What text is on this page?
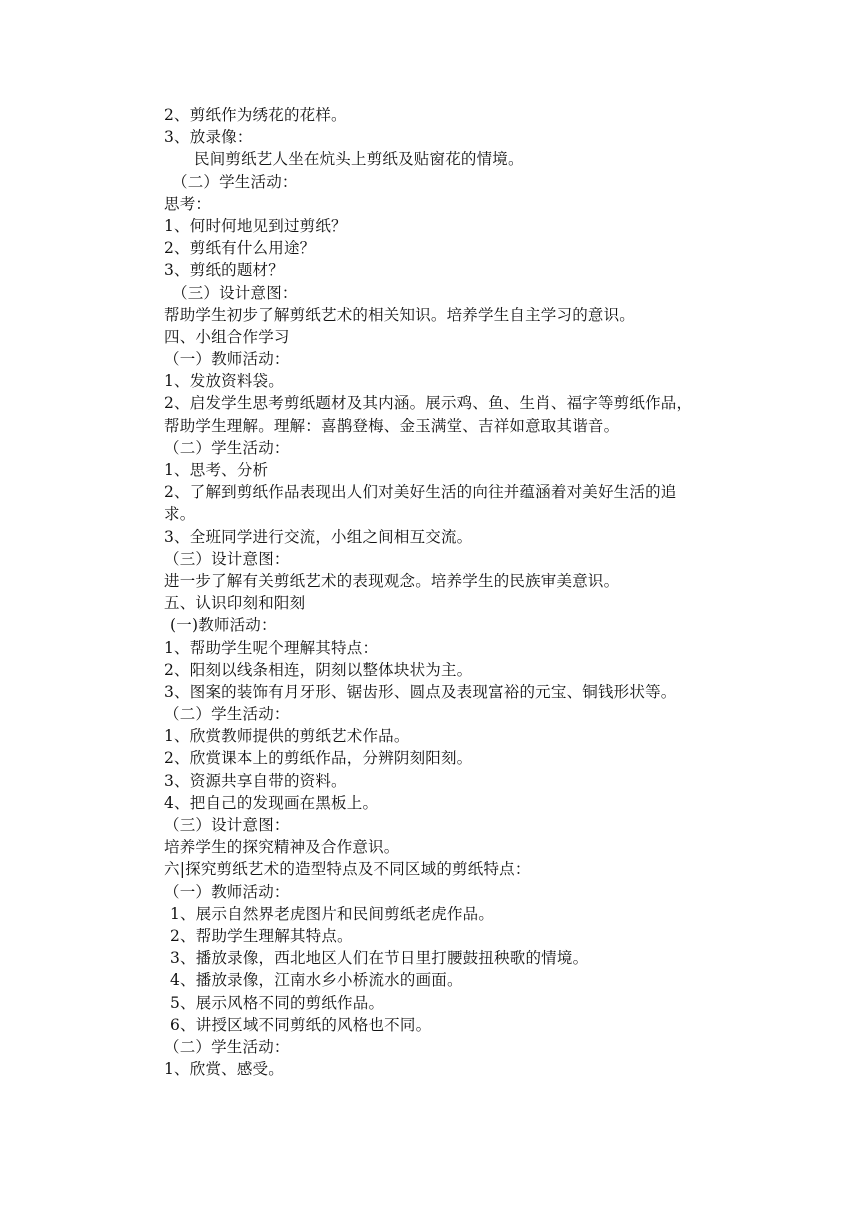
2、剪纸作为绣花的花样。
3、放录像：
民间剪纸艺人坐在炕头上剪纸及贴窗花的情境。
（二）学生活动：
思考：
1、何时何地见到过剪纸？
2、剪纸有什么用途？
3、剪纸的题材？
（三）设计意图：
帮助学生初步了解剪纸艺术的相关知识。培养学生自主学习的意识。
四、小组合作学习
（一）教师活动：
1、发放资料袋。
2、启发学生思考剪纸题材及其内涵。展示鸡、鱼、生肖、福字等剪纸作品，
帮助学生理解。理解：喜鹊登梅、金玉满堂、吉祥如意取其谐音。
（二）学生活动：
1、思考、分析
2、了解到剪纸作品表现出人们对美好生活的向往并蕴涵着对美好生活的追
求。
3、全班同学进行交流，小组之间相互交流。
（三）设计意图：
进一步了解有关剪纸艺术的表现观念。培养学生的民族审美意识。
五、认识印刻和阳刻
(一)教师活动：
1、帮助学生呢个理解其特点：
2、阳刻以线条相连，阴刻以整体块状为主。
3、图案的装饰有月牙形、锯齿形、圆点及表现富裕的元宝、铜钱形状等。
（二）学生活动：
1、欣赏教师提供的剪纸艺术作品。
2、欣赏课本上的剪纸作品，分辨阴刻阳刻。
3、资源共享自带的资料。
4、把自己的发现画在黑板上。
（三）设计意图：
培养学生的探究精神及合作意识。
六|探究剪纸艺术的造型特点及不同区域的剪纸特点：
（一）教师活动：
1、展示自然界老虎图片和民间剪纸老虎作品。
2、帮助学生理解其特点。
3、播放录像，西北地区人们在节日里打腰鼓扭秧歌的情境。
4、播放录像，江南水乡小桥流水的画面。
5、展示风格不同的剪纸作品。
6、讲授区域不同剪纸的风格也不同。
（二）学生活动：
1、欣赏、感受。
